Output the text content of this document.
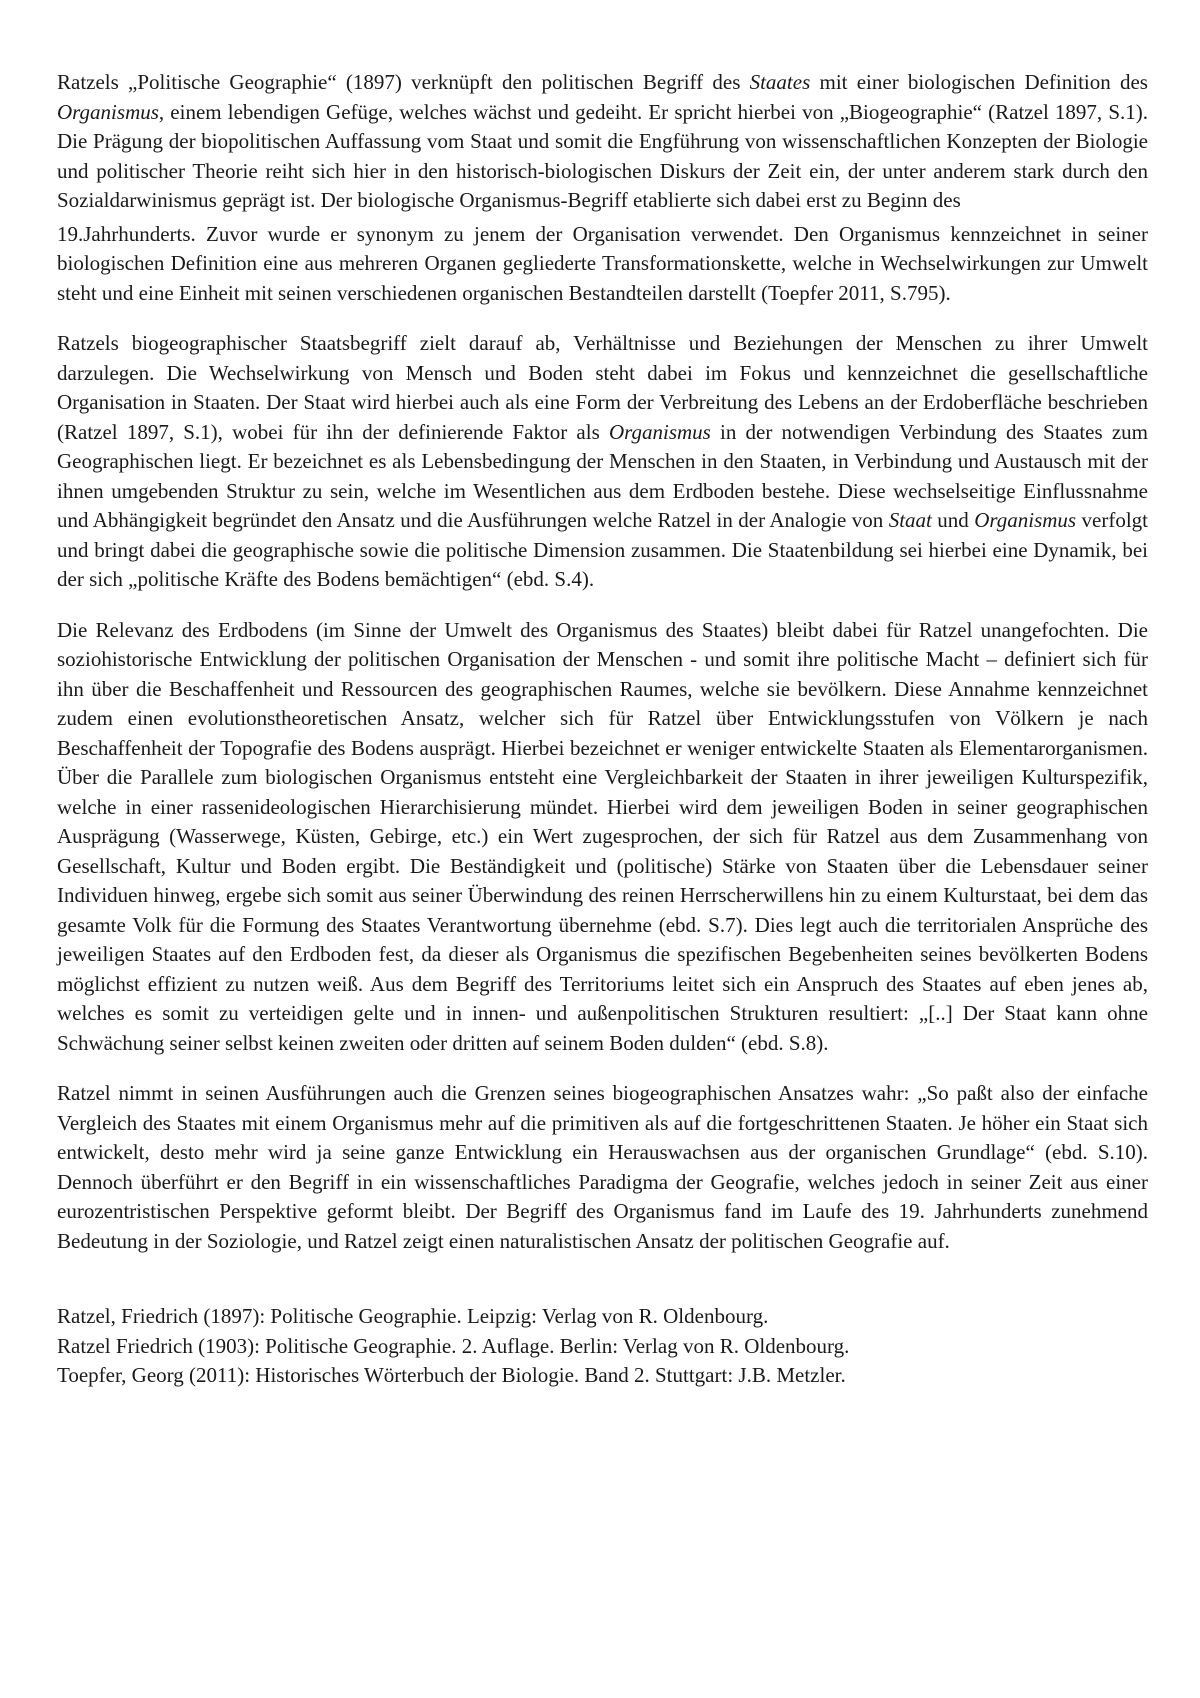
Ratzels „Politische Geographie“ (1897) verknüpft den politischen Begriff des Staates mit einer biologischen Definition des Organismus, einem lebendigen Gefüge, welches wächst und gedeiht. Er spricht hierbei von „Biogeographie“ (Ratzel 1897, S.1). Die Prägung der biopolitischen Auffassung vom Staat und somit die Engführung von wissenschaftlichen Konzepten der Biologie und politischer Theorie reiht sich hier in den historisch-biologischen Diskurs der Zeit ein, der unter anderem stark durch den Sozialdarwinismus geprägt ist. Der biologische Organismus-Begriff etablierte sich dabei erst zu Beginn des

19.Jahrhunderts. Zuvor wurde er synonym zu jenem der Organisation verwendet. Den Organismus kennzeichnet in seiner biologischen Definition eine aus mehreren Organen gegliederte Transformationskette, welche in Wechselwirkungen zur Umwelt steht und eine Einheit mit seinen verschiedenen organischen Bestandteilen darstellt (Toepfer 2011, S.795).

Ratzels biogeographischer Staatsbegriff zielt darauf ab, Verhältnisse und Beziehungen der Menschen zu ihrer Umwelt darzulegen. Die Wechselwirkung von Mensch und Boden steht dabei im Fokus und kennzeichnet die gesellschaftliche Organisation in Staaten. Der Staat wird hierbei auch als eine Form der Verbreitung des Lebens an der Erdoberfläche beschrieben (Ratzel 1897, S.1), wobei für ihn der definierende Faktor als Organismus in der notwendigen Verbindung des Staates zum Geographischen liegt. Er bezeichnet es als Lebensbedingung der Menschen in den Staaten, in Verbindung und Austausch mit der ihnen umgebenden Struktur zu sein, welche im Wesentlichen aus dem Erdboden bestehe. Diese wechselseitige Einflussnahme und Abhängigkeit begründet den Ansatz und die Ausführungen welche Ratzel in der Analogie von Staat und Organismus verfolgt und bringt dabei die geographische sowie die politische Dimension zusammen. Die Staatenbildung sei hierbei eine Dynamik, bei der sich „politische Kräfte des Bodens bemächtigen“ (ebd. S.4).

Die Relevanz des Erdbodens (im Sinne der Umwelt des Organismus des Staates) bleibt dabei für Ratzel unangefochten. Die soziohistorische Entwicklung der politischen Organisation der Menschen - und somit ihre politische Macht – definiert sich für ihn über die Beschaffenheit und Ressourcen des geographischen Raumes, welche sie bevölkern. Diese Annahme kennzeichnet zudem einen evolutionstheoretischen Ansatz, welcher sich für Ratzel über Entwicklungsstufen von Völkern je nach Beschaffenheit der Topografie des Bodens ausprägt. Hierbei bezeichnet er weniger entwickelte Staaten als Elementarorganismen. Über die Parallele zum biologischen Organismus entsteht eine Vergleichbarkeit der Staaten in ihrer jeweiligen Kulturspezifik, welche in einer rassenideologischen Hierarchisierung mündet. Hierbei wird dem jeweiligen Boden in seiner geographischen Ausprägung (Wasserwege, Küsten, Gebirge, etc.) ein Wert zugesprochen, der sich für Ratzel aus dem Zusammenhang von Gesellschaft, Kultur und Boden ergibt. Die Beständigkeit und (politische) Stärke von Staaten über die Lebensdauer seiner Individuen hinweg, ergebe sich somit aus seiner Überwindung des reinen Herrscherwillens hin zu einem Kulturstaat, bei dem das gesamte Volk für die Formung des Staates Verantwortung übernehme (ebd. S.7). Dies legt auch die territorialen Ansprüche des jeweiligen Staates auf den Erdboden fest, da dieser als Organismus die spezifischen Begebenheiten seines bevölkerten Bodens möglichst effizient zu nutzen weiß. Aus dem Begriff des Territoriums leitet sich ein Anspruch des Staates auf eben jenes ab, welches es somit zu verteidigen gelte und in innen- und außenpolitischen Strukturen resultiert: „[..] Der Staat kann ohne Schwächung seiner selbst keinen zweiten oder dritten auf seinem Boden dulden“ (ebd. S.8).

Ratzel nimmt in seinen Ausführungen auch die Grenzen seines biogeographischen Ansatzes wahr: „So paßt also der einfache Vergleich des Staates mit einem Organismus mehr auf die primitiven als auf die fortgeschrittenen Staaten. Je höher ein Staat sich entwickelt, desto mehr wird ja seine ganze Entwicklung ein Herauswachsen aus der organischen Grundlage“ (ebd. S.10). Dennoch überführt er den Begriff in ein wissenschaftliches Paradigma der Geografie, welches jedoch in seiner Zeit aus einer eurozentristischen Perspektive geformt bleibt. Der Begriff des Organismus fand im Laufe des 19. Jahrhunderts zunehmend Bedeutung in der Soziologie, und Ratzel zeigt einen naturalistischen Ansatz der politischen Geografie auf.

Ratzel, Friedrich (1897): Politische Geographie. Leipzig: Verlag von R. Oldenbourg.

Ratzel Friedrich (1903): Politische Geographie. 2. Auflage. Berlin: Verlag von R. Oldenbourg.

Toepfer, Georg (2011): Historisches Wörterbuch der Biologie. Band 2. Stuttgart: J.B. Metzler.
